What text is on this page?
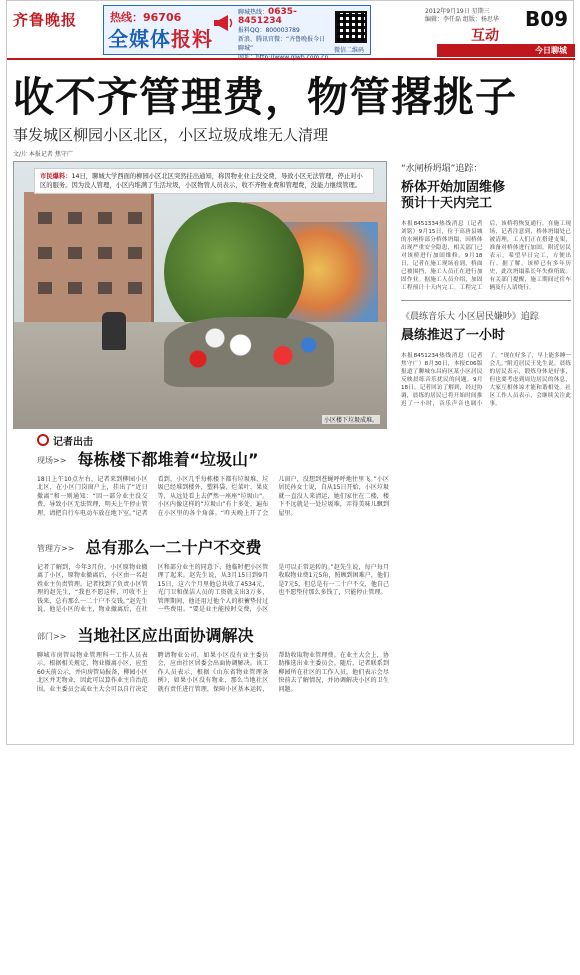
齐鲁晚报	热线：96706
全媒体报料
聊城热线：0635-8451234
报料QQ：800003789
新浪、腾讯官微：“齐鲁晚报今日聊城”	微信二维码
2012年9月19日 星期三
编辑：李仟磊 组版：杨思华 B09
互动
今日聊城
收不齐管理费，物管撂挑子
事发城区柳园小区北区，小区垃圾成堆无人清理
文/片 本报记者 焦守广
市民爆料：14日，聊城大学西面的柳园小区北区突然挂出通知，称因物业业主没交费，导致小区无法管理，停止对小区的服务。因为没人管理，小区内堆满了生活垃圾，小区物管人员表示，收不齐物业费和管理费，没能力继续管理。
小区楼下垃圾成堆。
记者出击
现场>> 每栋楼下都堆着“垃圾山”
18日上午10点左右，记者来到柳园小区北区，在小区门岗窗户上，挂出了“近日撤离”和一则通知：“因一部分业主没交费，导致小区无法管理，明天上午停止管理，请把自行车电动车放在地下室。”记者看到，小区几乎每栋楼下都有垃圾堆，垃圾已经堆到楼外，塑料袋、烂菜叶、果皮等，从远处看上去俨然一座座“垃圾山”。小区内像这样的“垃圾山”有十多处，遍布在小区里的各个角落。“昨天晚上开了会儿窗户，没想到苍蝇呼呼地往里飞。”小区居民孙女士说，自从15日开始，小区垃圾就一直没人来清运，她们家住在二楼，楼下不远就是一处垃圾堆，弄得美味儿飘到屋里。
管理方>> 总有那么一二十户不交费
记者了解到，今年3月份，小区原物业撤离了小区，原物业撤离后，小区由一名赵姓业主负责管理。记者找到了负责小区管理的赵先生，“我也不愿这样，可收不上钱来，总有那么一二十户不交钱。”赵先生说，他是小区的业主，物业撤离后，在社区和部分业主的同意下，他临时把小区管理了起来。赵先生说，从3月15日到9月15日，这六个月里他总共收了4534元，光门卫和保洁人员的工资就支出3万多，管理期间，他还用过他个人的积蓄垫付过一些费用。“要是业主能按时交费，小区是可以正常运转的。”赵先生说，每户每月收取物业费1元5角，照顾到困难户，他们是7元5，但总是有一二十户不交，他自己也不愿垫付那么多钱了，只能停止管理。
部门>> 当地社区应出面协调解决
聊城市房管局物业管理科一工作人员表示，根据相关规定，物业撤离小区，应至60天前公示，并向房管局报备，柳园小区北区并无物业，因此可以算作业主自治范围。业主委员会或业主大会可以自行决定聘请物业公司，如果小区没有业主委员会，应由社区居委会出面协调解决。该工作人员表示，根据《山东省物业管理条例》，如果小区没有物业，那么当地社区就有责任进行管理，保障小区基本运转，帮助收取物业管理费。在业主大会上，协助推选出业主委员会。随后，记者联系到柳园所在社区的工作人员，他们表示会尽快前去了解情况，并协调解决小区的卫生问题。
“水闸桥坍塌”追踪：
桥体开始加固维修
预计十天内完工
本报8451334热线消息（记者 刘铭）9月15日，位于高唐县城的水闸桥部分桥体坍塌，因桥体出现严重安全隐患，相关部门已对该桥进行加固维修。9月18日，记者在施工现场看到，桥面已被围挡，施工人员正在进行加固作业。据施工人员介绍，加固工程预计十天内完工。工程完工后，该桥将恢复通行。在施工现场，记者注意到，桥体坍塌处已被清理，工人们正在搭建支架，准备对桥体进行加固。附近居民表示，希望早日完工，方便出行。据了解，该桥已有多年历史，此次坍塌系长年失修所致。有关部门提醒，施工期间过往车辆及行人请绕行。
《晨练音乐大 小区居民嫌吵》追踪
晨练推迟了一小时
本报8451234热线消息（记者 焦守广）8月30日，本报C06版报道了聊城东昌府区某小区居民反映晨练音乐扰民的问题。9月18日，记者回访了解到，经过协调，晨练的居民已将开始时间推迟了一小时，音乐声音也调小了。“现在好多了，早上能多睡一会儿。”附近居民王先生说。晨练的居民表示，锻炼身体是好事，但也要考虑到周边居民的休息，大家互相体谅才能和谐相处。社区工作人员表示，会继续关注此事。
